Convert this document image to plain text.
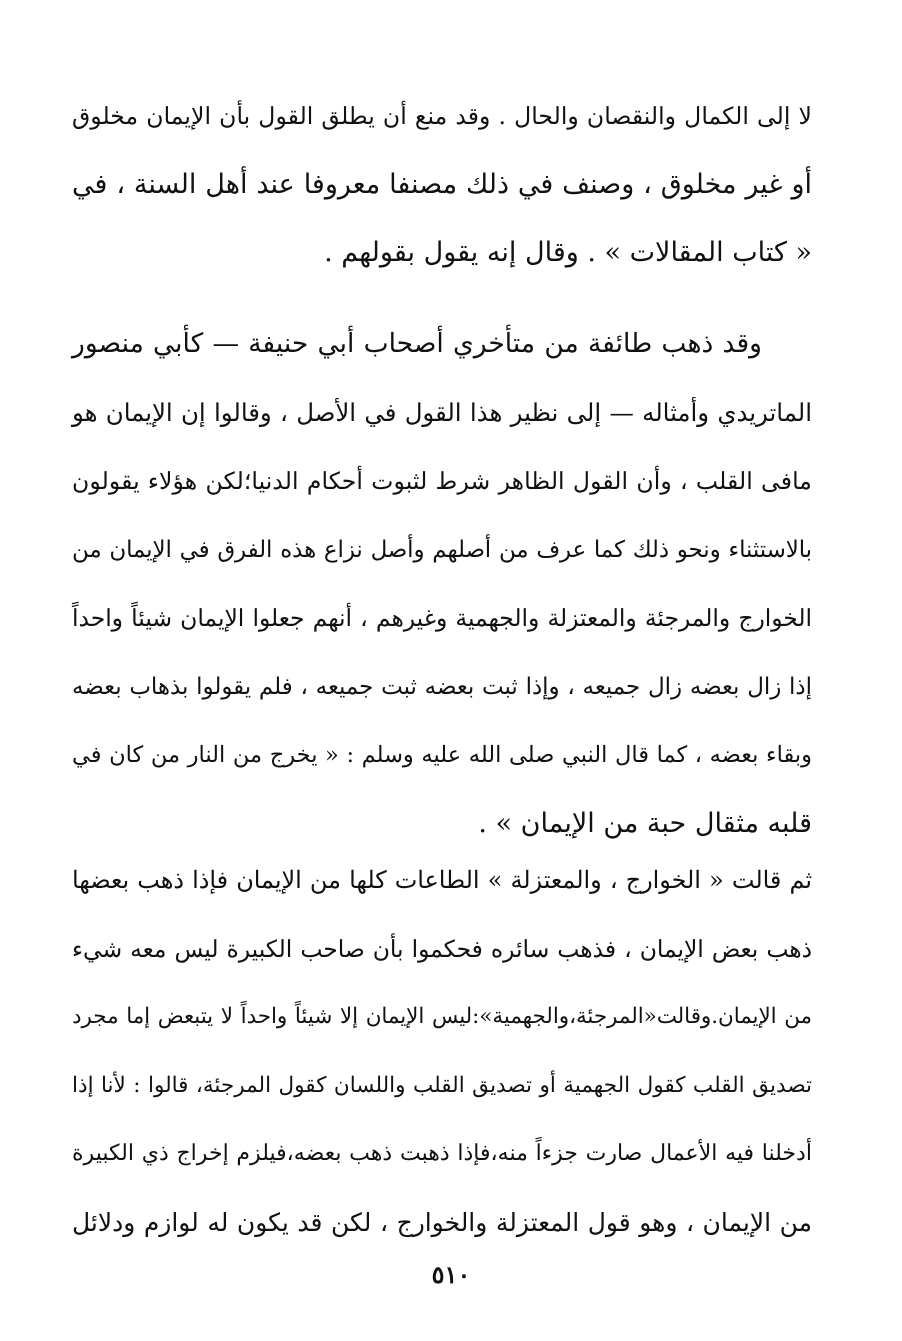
لا إلى الكمال والنقصان والحال . وقد منع أن يطلق القول بأن الإيمان مخلوق
أو غير مخلوق ، وصنف في ذلك مصنفا معروفا عند أهل السنة ، في
« كتاب المقالات » . وقال إنه يقول بقولهم .
وقد ذهب طائفة من متأخري أصحاب أبي حنيفة — كأبي منصور
الماتريدي وأمثاله — إلى نظير هذا القول في الأصل ، وقالوا إن الإيمان هو
مافى القلب ، وأن القول الظاهر شرط لثبوت أحكام الدنيا؛لكن هؤلاء يقولون
بالاستثناء ونحو ذلك كما عرف من أصلهم وأصل نزاع هذه الفرق في الإيمان من
الخوارج والمرجئة والمعتزلة والجهمية وغيرهم ، أنهم جعلوا الإيمان شيئاً واحداً
إذا زال بعضه زال جميعه ، وإذا ثبت بعضه ثبت جميعه ، فلم يقولوا بذهاب بعضه
وبقاء بعضه ، كما قال النبي صلى الله عليه وسلم : « يخرج من النار من كان في
قلبه مثقال حبة من الإيمان » .
ثم قالت « الخوارج ، والمعتزلة » الطاعات كلها من الإيمان فإذا ذهب بعضها
ذهب بعض الإيمان ، فذهب سائره فحكموا بأن صاحب الكبيرة ليس معه شيء
من الإيمان.وقالت«المرجئة،والجهمية»:ليس الإيمان إلا شيئاً واحداً لا يتبعض إما مجرد
تصديق القلب كقول الجهمية أو تصديق القلب واللسان كقول المرجئة، قالوا : لأنا إذا
أدخلنا فيه الأعمال صارت جزءاً منه،فإذا ذهبت ذهب بعضه،فيلزم إخراج ذي الكبيرة
من الإيمان ، وهو قول المعتزلة والخوارج ، لكن قد يكون له لوازم ودلائل
٥١٠
